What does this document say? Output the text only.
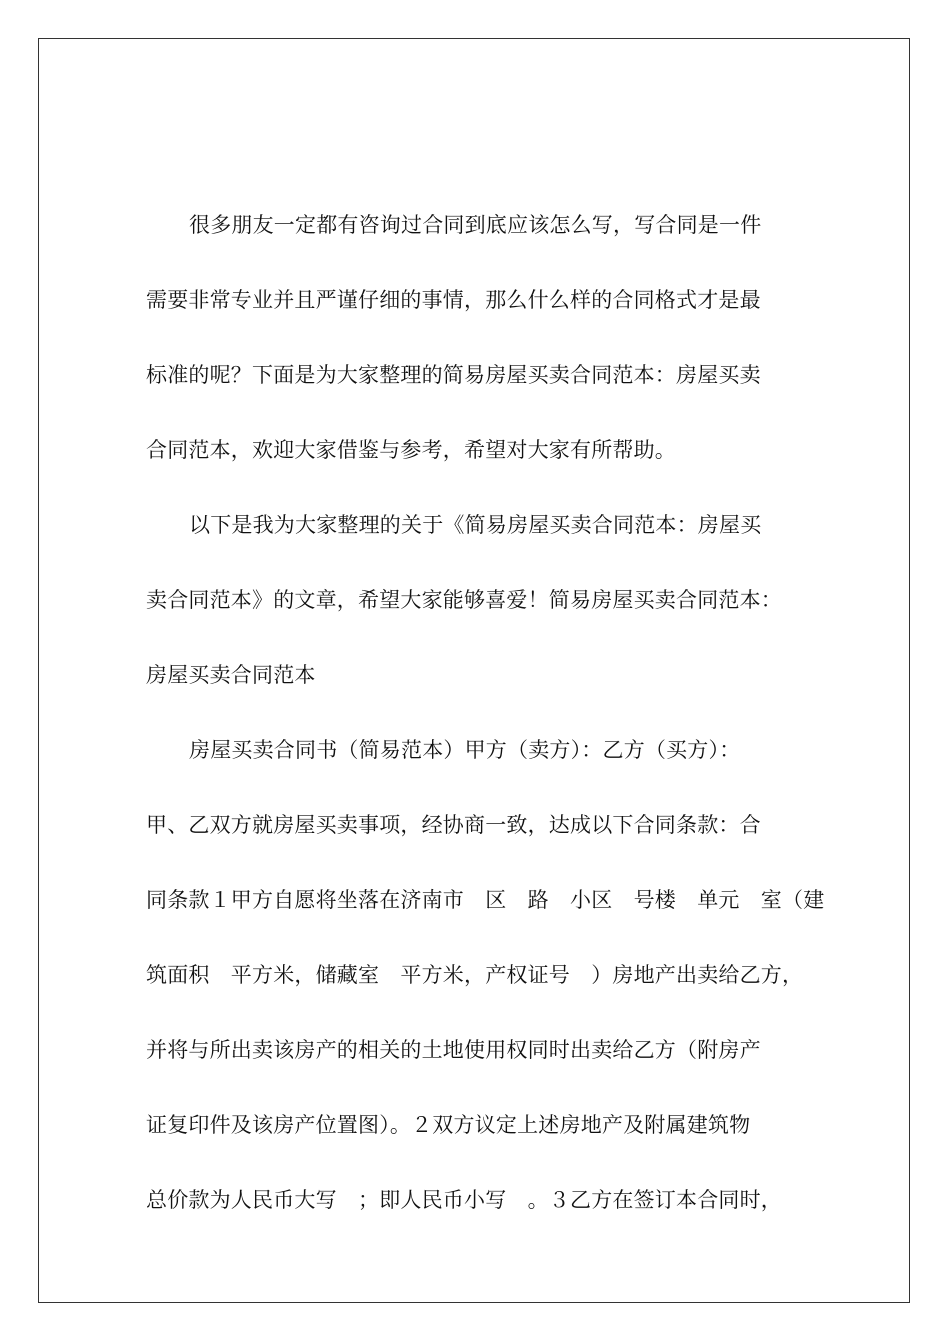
很多朋友一定都有咨询过合同到底应该怎么写，写合同是一件
需要非常专业并且严谨仔细的事情，那么什么样的合同格式才是最
标准的呢？下面是为大家整理的简易房屋买卖合同范本：房屋买卖
合同范本，欢迎大家借鉴与参考，希望对大家有所帮助。
以下是我为大家整理的关于《简易房屋买卖合同范本：房屋买
卖合同范本》的文章，希望大家能够喜爱！简易房屋买卖合同范本：
房屋买卖合同范本
房屋买卖合同书（简易范本）甲方（卖方）：乙方（买方）：
甲、乙双方就房屋买卖事项，经协商一致，达成以下合同条款：合
同条款１甲方自愿将坐落在济南市　区　路　小区　号楼　单元　室（建
筑面积　平方米，储藏室　平方米，产权证号　）房地产出卖给乙方，
并将与所出卖该房产的相关的土地使用权同时出卖给乙方（附房产
证复印件及该房产位置图）。２双方议定上述房地产及附属建筑物
总价款为人民币大写　；即人民币小写　。３乙方在签订本合同时，
